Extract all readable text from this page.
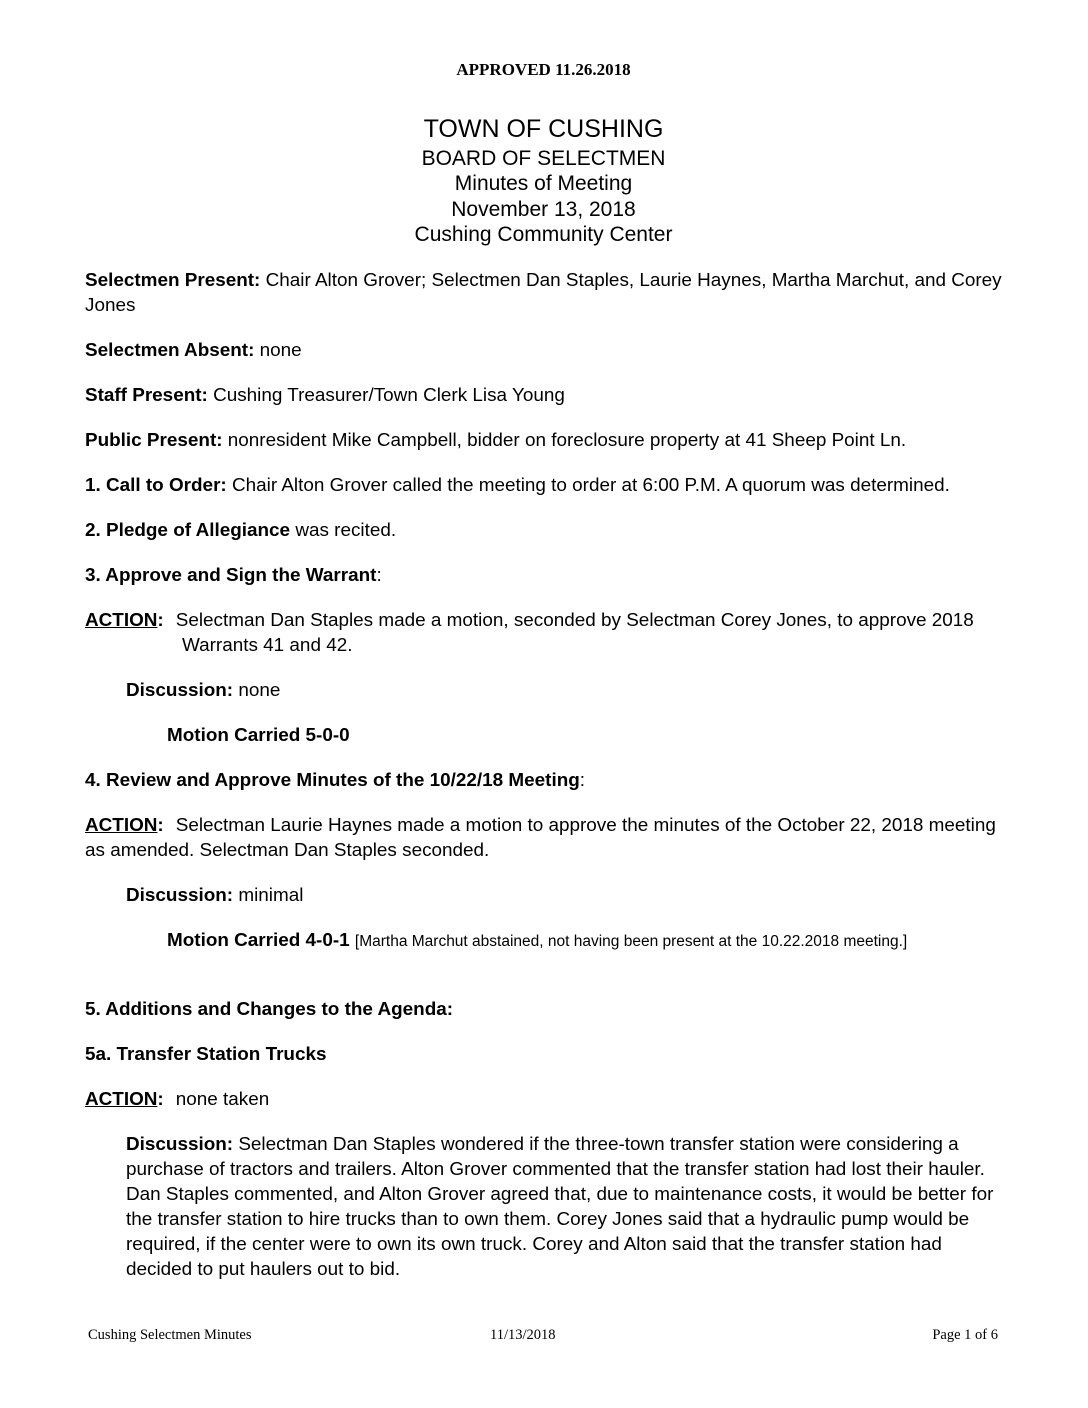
APPROVED 11.26.2018
TOWN OF CUSHING
BOARD OF SELECTMEN
Minutes of Meeting
November 13, 2018
Cushing Community Center

Selectmen Present: Chair Alton Grover; Selectmen Dan Staples, Laurie Haynes, Martha Marchut, and Corey Jones

Selectmen Absent: none

Staff Present: Cushing Treasurer/Town Clerk Lisa Young

Public Present: nonresident Mike Campbell, bidder on foreclosure property at 41 Sheep Point Ln.

1. Call to Order: Chair Alton Grover called the meeting to order at 6:00 P.M. A quorum was determined.

2. Pledge of Allegiance was recited.

3. Approve and Sign the Warrant:

ACTION: Selectman Dan Staples made a motion, seconded by Selectman Corey Jones, to approve 2018 Warrants 41 and 42.

Discussion: none

Motion Carried 5-0-0

4. Review and Approve Minutes of the 10/22/18 Meeting:

ACTION: Selectman Laurie Haynes made a motion to approve the minutes of the October 22, 2018 meeting as amended. Selectman Dan Staples seconded.

Discussion: minimal

Motion Carried 4-0-1 [Martha Marchut abstained, not having been present at the 10.22.2018 meeting.]

5. Additions and Changes to the Agenda:

5a. Transfer Station Trucks

ACTION: none taken

Discussion: Selectman Dan Staples wondered if the three-town transfer station were considering a purchase of tractors and trailers. Alton Grover commented that the transfer station had lost their hauler. Dan Staples commented, and Alton Grover agreed that, due to maintenance costs, it would be better for the transfer station to hire trucks than to own them. Corey Jones said that a hydraulic pump would be required, if the center were to own its own truck. Corey and Alton said that the transfer station had decided to put haulers out to bid.

Cushing Selectmen Minutes	11/13/2018	Page 1 of 6
